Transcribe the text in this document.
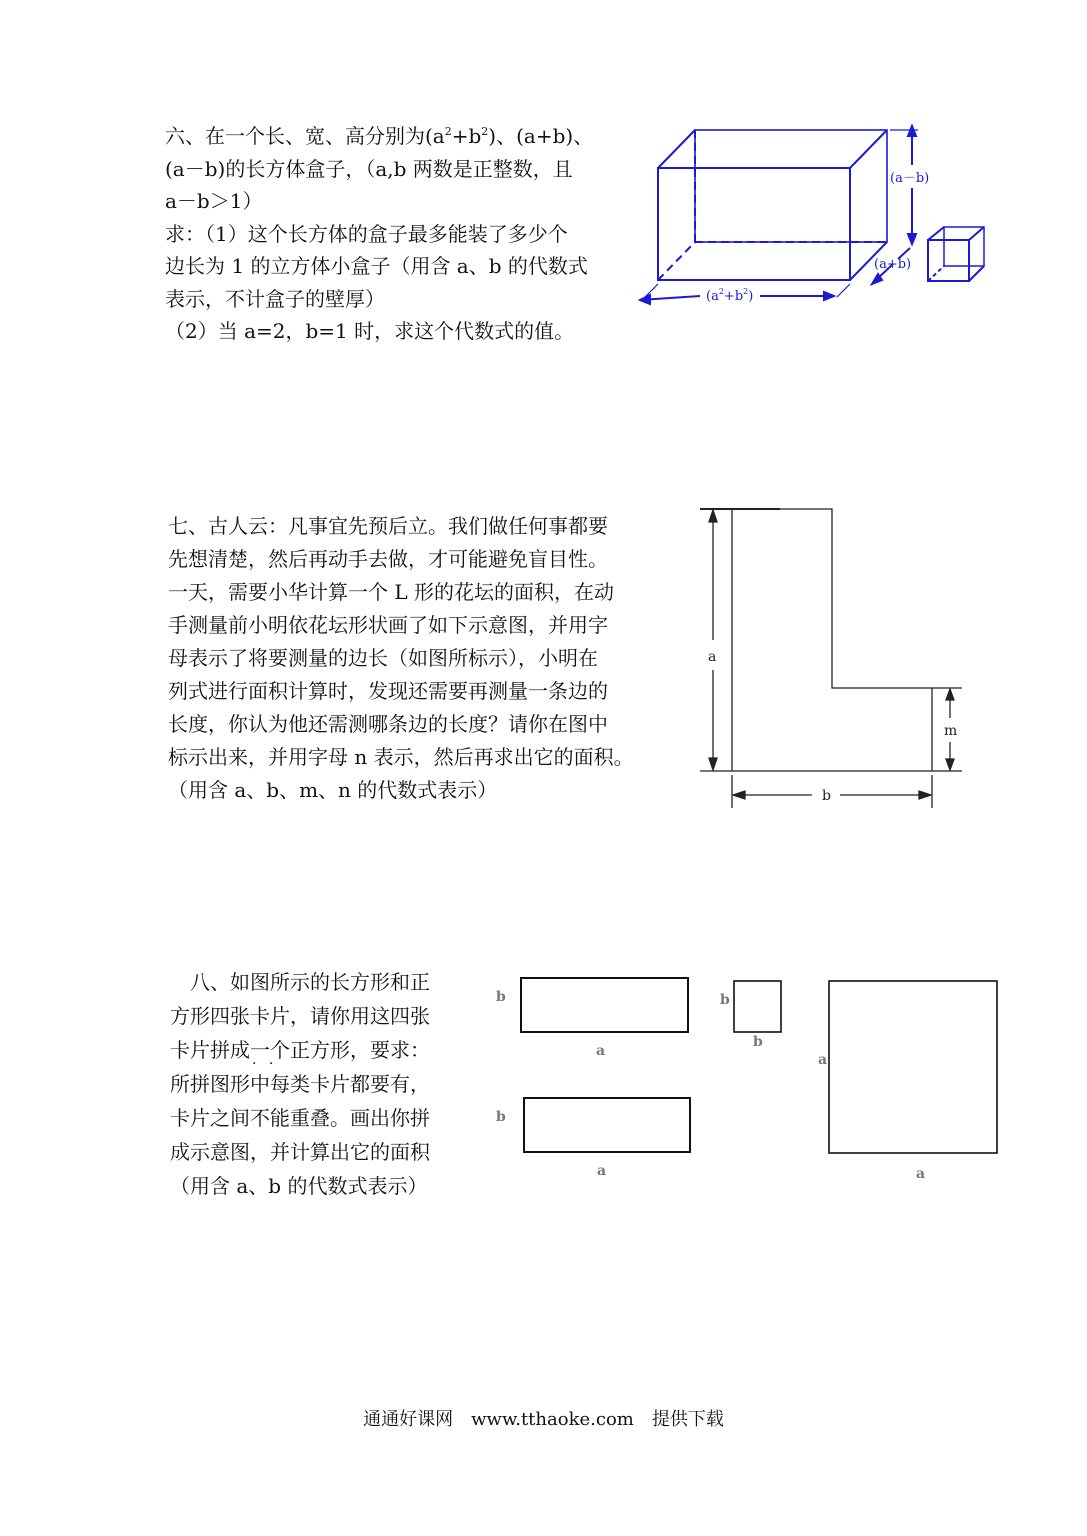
六、在一个长、宽、高分别为$(a^2+b^2)$、(a+b)、
(a－b)的长方体盒子，（a,b 两数是正整数，且
a－b＞1）
求：（1）这个长方体的盒子最多能装了多少个
边长为 1 的立方体小盒子（用含 a、b 的代数式
表示，不计盒子的壁厚）
（2）当 a=2，b=1 时，求这个代数式的值。
(a－b)
(a+b)
$(a^2+b^2)$
七、古人云：凡事宜先预后立。我们做任何事都要
先想清楚，然后再动手去做，才可能避免盲目性。
一天，需要小华计算一个 L 形的花坛的面积，在动
手测量前小明依花坛形状画了如下示意图，并用字
母表示了将要测量的边长（如图所标示），小明在
列式进行面积计算时，发现还需要再测量一条边的
长度，你认为他还需测哪条边的长度？请你在图中
标示出来，并用字母 n 表示，然后再求出它的面积。
（用含 a、b、m、n 的代数式表示）
a
m
b
　八、如图所示的长方形和正
方形四张卡片，请你用这四张
卡片拼成一个 · ·正方形，要求：
所拼图形中每类卡片都要有，
卡片之间不能重叠。画出你拼
成示意图，并计算出它的面积
（用含 a、b 的代数式表示）
b
a
b
b
b
a
a
a
通通好课网　www.tthaoke.com　提供下载
